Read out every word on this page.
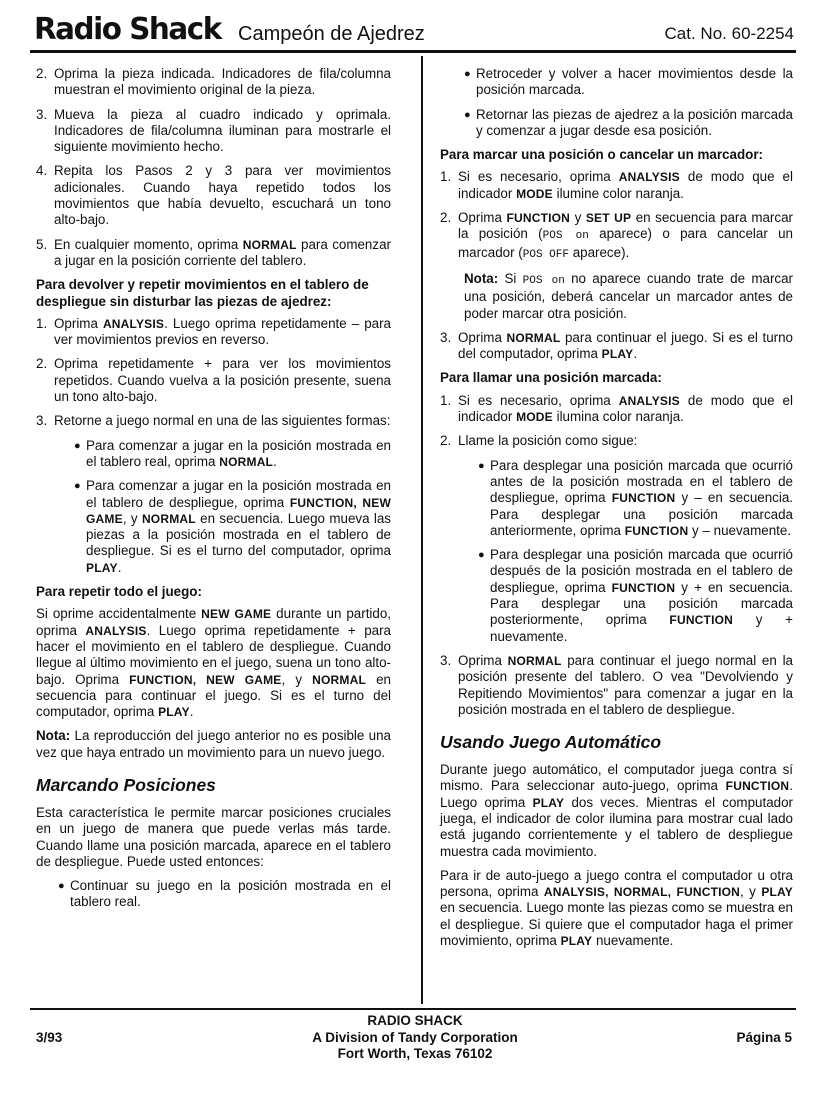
Radio Shack Campeón de Ajedrez	Cat. No. 60-2254
2. Oprima la pieza indicada. Indicadores de fila/columna muestran el movimiento original de la pieza.
3. Mueva la pieza al cuadro indicado y oprimala. Indicadores de fila/columna iluminan para mostrarle el siguiente movimiento hecho.
4. Repita los Pasos 2 y 3 para ver movimientos adicionales. Cuando haya repetido todos los movimientos que había devuelto, escuchará un tono alto-bajo.
5. En cualquier momento, oprima NORMAL para comenzar a jugar en la posición corriente del tablero.
Para devolver y repetir movimientos en el tablero de despliegue sin disturbar las piezas de ajedrez:
1. Oprima ANALYSIS. Luego oprima repetidamente – para ver movimientos previos en reverso.
2. Oprima repetidamente + para ver los movimientos repetidos. Cuando vuelva a la posición presente, suena un tono alto-bajo.
3. Retorne a juego normal en una de las siguientes formas:
● Para comenzar a jugar en la posición mostrada en el tablero real, oprima NORMAL.
● Para comenzar a jugar en la posición mostrada en el tablero de despliegue, oprima FUNCTION, NEW GAME, y NORMAL en secuencia. Luego mueva las piezas a la posición mostrada en el tablero de despliegue. Si es el turno del computador, oprima PLAY.
Para repetir todo el juego:
Si oprime accidentalmente NEW GAME durante un partido, oprima ANALYSIS. Luego oprima repetidamente + para hacer el movimiento en el tablero de despliegue. Cuando llegue al último movimiento en el juego, suena un tono alto-bajo. Oprima FUNCTION, NEW GAME, y NORMAL en secuencia para continuar el juego. Si es el turno del computador, oprima PLAY.
Nota: La reproducción del juego anterior no es posible una vez que haya entrado un movimiento para un nuevo juego.
Marcando Posiciones
Esta característica le permite marcar posiciones cruciales en un juego de manera que puede verlas más tarde. Cuando llame una posición marcada, aparece en el tablero de despliegue. Puede usted entonces:
● Continuar su juego en la posición mostrada en el tablero real.
● Retroceder y volver a hacer movimientos desde la posición marcada.
● Retornar las piezas de ajedrez a la posición marcada y comenzar a jugar desde esa posición.
Para marcar una posición o cancelar un marcador:
1. Si es necesario, oprima ANALYSIS de modo que el indicador MODE ilumine color naranja.
2. Oprima FUNCTION y SET UP en secuencia para marcar la posición (POS on aparece) o para cancelar un marcador (POS OFF aparece).
Nota: Si POS on no aparece cuando trate de marcar una posición, deberá cancelar un marcador antes de poder marcar otra posición.
3. Oprima NORMAL para continuar el juego. Si es el turno del computador, oprima PLAY.
Para llamar una posición marcada:
1. Si es necesario, oprima ANALYSIS de modo que el indicador MODE ilumina color naranja.
2. Llame la posición como sigue:
● Para desplegar una posición marcada que ocurrió antes de la posición mostrada en el tablero de despliegue, oprima FUNCTION y – en secuencia. Para desplegar una posición marcada anteriormente, oprima FUNCTION y – nuevamente.
● Para desplegar una posición marcada que ocurrió después de la posición mostrada en el tablero de despliegue, oprima FUNCTION y + en secuencia. Para desplegar una posición marcada posteriormente, oprima FUNCTION y + nuevamente.
3. Oprima NORMAL para continuar el juego normal en la posición presente del tablero. O vea "Devolviendo y Repitiendo Movimientos" para comenzar a jugar en la posición mostrada en el tablero de despliegue.
Usando Juego Automático
Durante juego automático, el computador juega contra sí mismo. Para seleccionar auto-juego, oprima FUNCTION. Luego oprima PLAY dos veces. Mientras el computador juega, el indicador de color ilumina para mostrar cual lado está jugando corrientemente y el tablero de despliegue muestra cada movimiento.
Para ir de auto-juego a juego contra el computador u otra persona, oprima ANALYSIS, NORMAL, FUNCTION, y PLAY en secuencia. Luego monte las piezas como se muestra en el despliegue. Si quiere que el computador haga el primer movimiento, oprima PLAY nuevamente.
3/93
RADIO SHACK
A Division of Tandy Corporation
Fort Worth, Texas 76102
Página 5
